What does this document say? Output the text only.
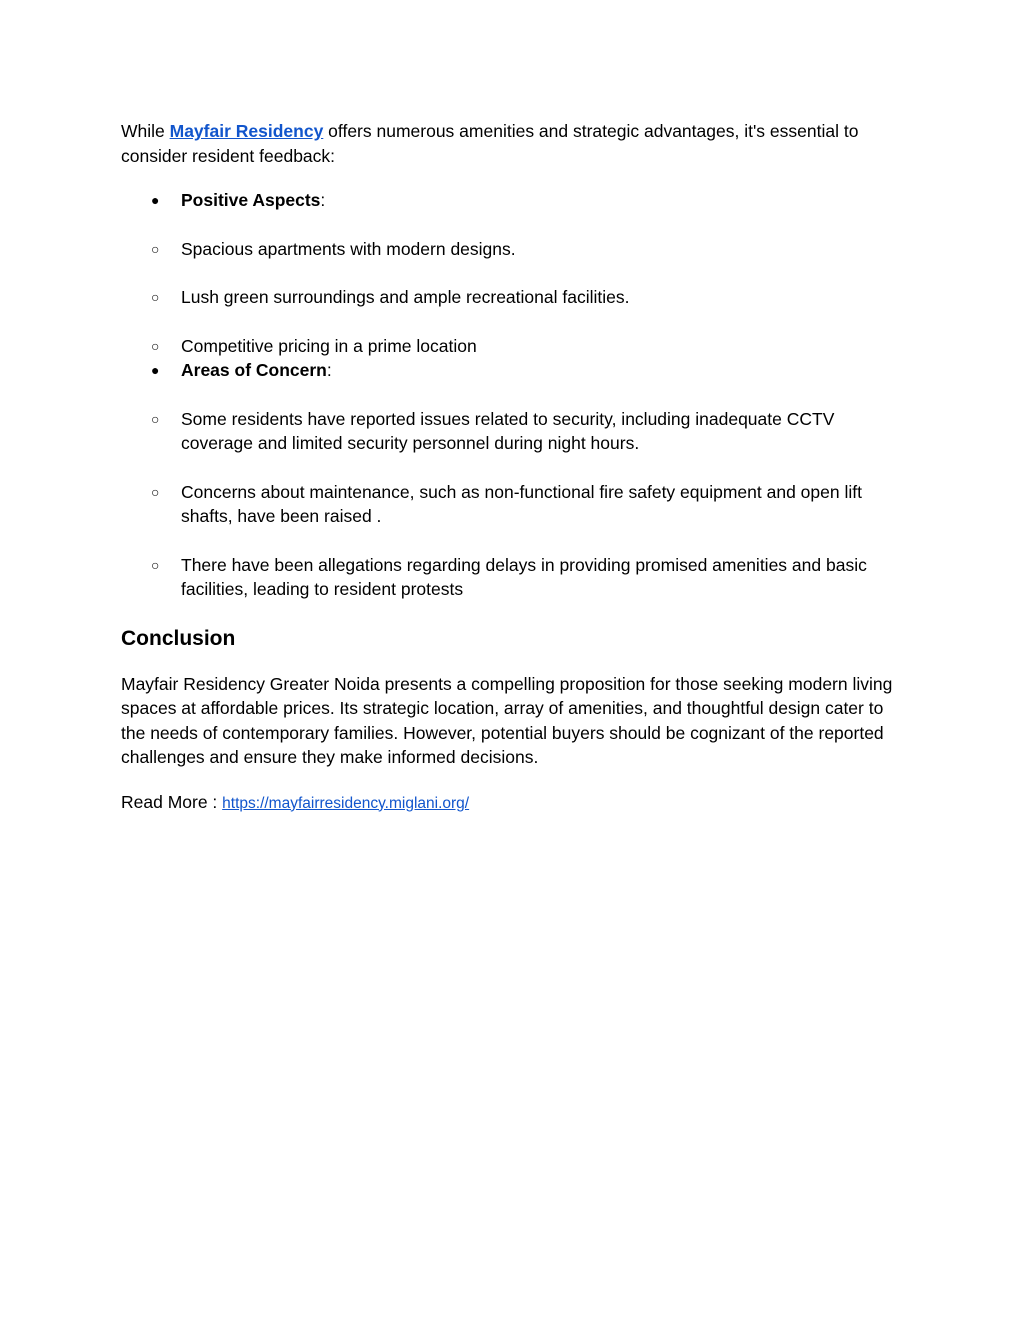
While Mayfair Residency offers numerous amenities and strategic advantages, it's essential to consider resident feedback:

● Positive Aspects:
○ Spacious apartments with modern designs.
○ Lush green surroundings and ample recreational facilities.
○ Competitive pricing in a prime location
● Areas of Concern:
○ Some residents have reported issues related to security, including inadequate CCTV coverage and limited security personnel during night hours.
○ Concerns about maintenance, such as non-functional fire safety equipment and open lift shafts, have been raised .
○ There have been allegations regarding delays in providing promised amenities and basic facilities, leading to resident protests
Conclusion

Mayfair Residency Greater Noida presents a compelling proposition for those seeking modern living spaces at affordable prices. Its strategic location, array of amenities, and thoughtful design cater to the needs of contemporary families. However, potential buyers should be cognizant of the reported challenges and ensure they make informed decisions.

Read More : https://mayfairresidency.miglani.org/
